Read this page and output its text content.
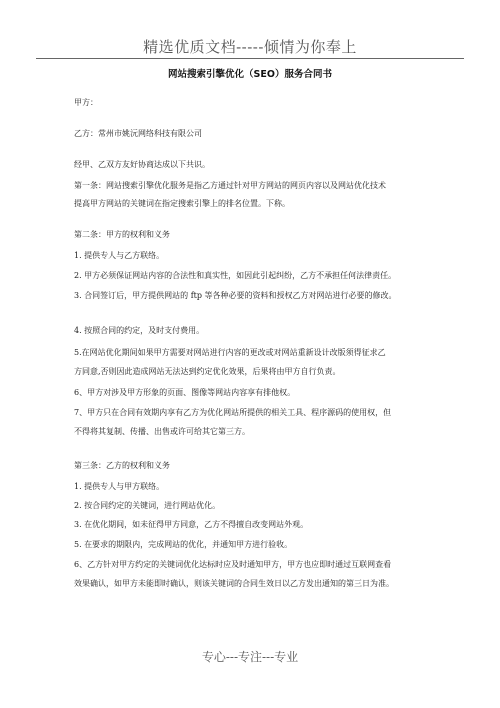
精选优质文档-----倾情为你奉上
网站搜索引擎优化（SEO）服务合同书
甲方：
乙方：常州市姚沅网络科技有限公司
经甲、乙双方友好协商达成以下共识。
第一条：网站搜索引擎优化服务是指乙方通过针对甲方网站的网页内容以及网站优化技术
提高甲方网站的关键词在指定搜索引擎上的排名位置。下称。
第二条：甲方的权利和义务
1. 提供专人与乙方联络。
2. 甲方必须保证网站内容的合法性和真实性，如因此引起纠纷，乙方不承担任何法律责任。
3. 合同签订后，甲方提供网站的 ftp 等各种必要的资料和授权乙方对网站进行必要的修改。
4. 按照合同的约定，及时支付费用。
5.在网站优化期间如果甲方需要对网站进行内容的更改或对网站重新设计改版须得征求乙
方同意,否则因此造成网站无法达到约定优化效果，后果将由甲方自行负责。
6、甲方对涉及甲方形象的页面、图像等网站内容享有排他权。
7、甲方只在合同有效期内享有乙方为优化网站所提供的相关工具、程序源码的使用权，但
不得将其复制、传播、出售或许可给其它第三方。
第三条：乙方的权利和义务
1. 提供专人与甲方联络。
2. 按合同约定的关键词，进行网站优化。
3. 在优化期间，如未征得甲方同意，乙方不得擅自改变网站外观。
5. 在要求的期限内，完成网站的优化，并通知甲方进行验收。
6、乙方针对甲方约定的关键词优化达标时应及时通知甲方，甲方也应即时通过互联网查看
效果确认，如甲方未能即时确认，则该关键词的合同生效日以乙方发出通知的第三日为准。
专心---专注---专业
